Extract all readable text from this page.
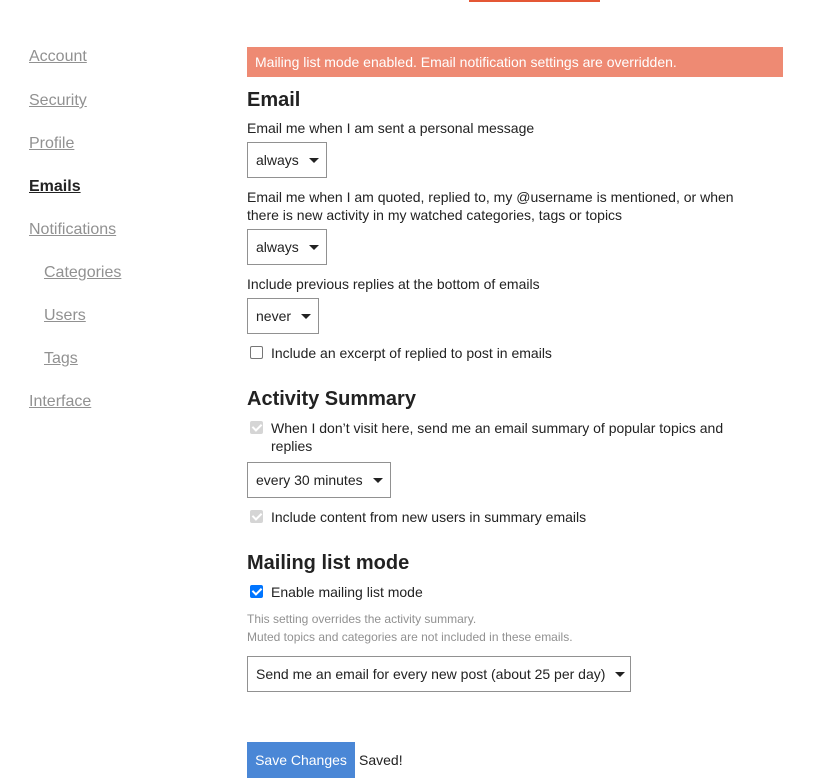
Account
Security
Profile
Emails
Notifications
Categories
Users
Tags
Interface
Mailing list mode enabled. Email notification settings are overridden.
Email
Email me when I am sent a personal message
always
Email me when I am quoted, replied to, my @username is mentioned, or when there is new activity in my watched categories, tags or topics
always
Include previous replies at the bottom of emails
never
Include an excerpt of replied to post in emails
Activity Summary
When I don’t visit here, send me an email summary of popular topics and replies
every 30 minutes
Include content from new users in summary emails
Mailing list mode
Enable mailing list mode
This setting overrides the activity summary.
Muted topics and categories are not included in these emails.
Send me an email for every new post (about 25 per day)
Save Changes Saved!
